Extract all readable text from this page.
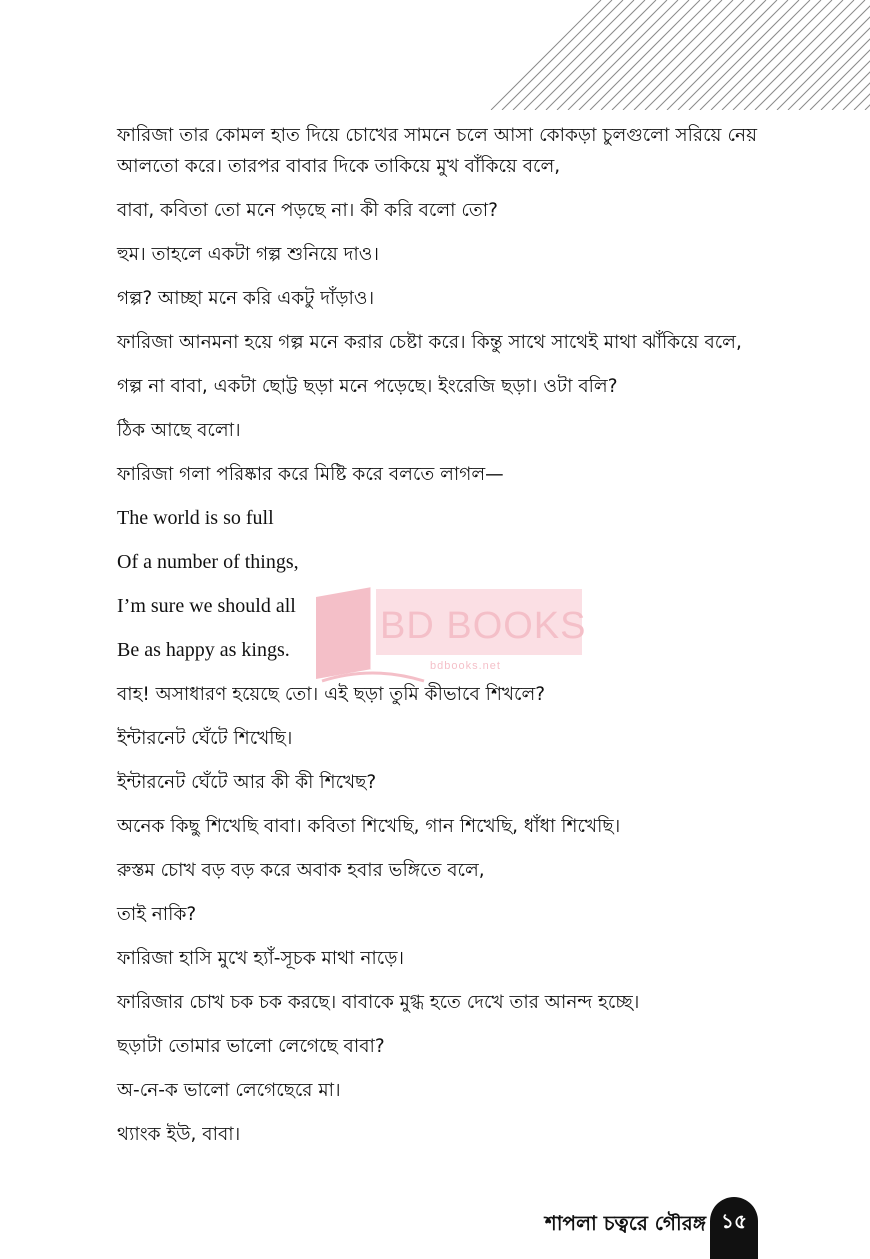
ফারিজা তার কোমল হাত দিয়ে চোখের সামনে চলে আসা কোকড়া চুলগুলো সরিয়ে নেয় আলতো করে। তারপর বাবার দিকে তাকিয়ে মুখ বাঁকিয়ে বলে,

বাবা, কবিতা তো মনে পড়ছে না। কী করি বলো তো?

হুম। তাহলে একটা গল্প শুনিয়ে দাও।

গল্প? আচ্ছা মনে করি একটু দাঁড়াও।

ফারিজা আনমনা হয়ে গল্প মনে করার চেষ্টা করে। কিন্তু সাথে সাথেই মাথা ঝাঁকিয়ে বলে,

গল্প না বাবা, একটা ছোট্ট ছড়া মনে পড়েছে। ইংরেজি ছড়া। ওটা বলি?

ঠিক আছে বলো।

ফারিজা গলা পরিষ্কার করে মিষ্টি করে বলতে লাগল—

The world is so full

Of a number of things,

I’m sure we should all

Be as happy as kings.

বাহ! অসাধারণ হয়েছে তো। এই ছড়া তুমি কীভাবে শিখলে?

ইন্টারনেট ঘেঁটে শিখেছি।

ইন্টারনেট ঘেঁটে আর কী কী শিখেছ?

অনেক কিছু শিখেছি বাবা। কবিতা শিখেছি, গান শিখেছি, ধাঁধা শিখেছি।

রুস্তম চোখ বড় বড় করে অবাক হবার ভঙ্গিতে বলে,

তাই নাকি?

ফারিজা হাসি মুখে হ্যাঁ-সূচক মাথা নাড়ে।

ফারিজার চোখ চক চক করছে। বাবাকে মুগ্ধ হতে দেখে তার আনন্দ হচ্ছে।

ছড়াটা তোমার ভালো লেগেছে বাবা?

অ-নে-ক ভালো লেগেছেরে মা।

থ্যাংক ইউ, বাবা।

BD BOOKS
bdbooks.net
শাপলা চত্বরে গৌরঙ্গ ১৫
